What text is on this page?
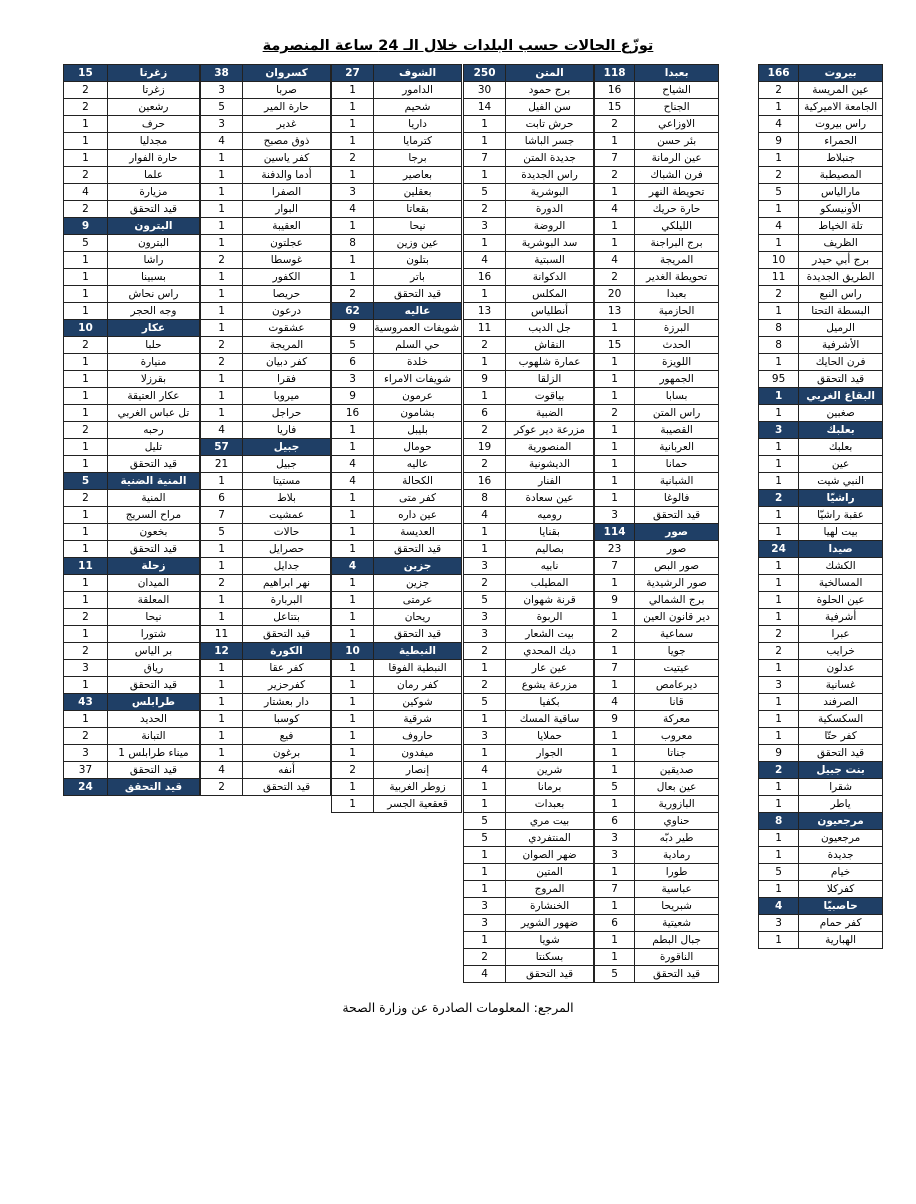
توزّع الحالات حسب البلدات خلال الـ 24 ساعة المنصرمة
المرجع: المعلومات الصادرة عن وزارة الصحة
بيروت	166
عين المريسة	2
الجامعة الاميركية	1
راس بيروت	4
الحمراء	9
جنبلاط	1
المصيطبة	2
مارالياس	5
الأونيسكو	1
تلة الخياط	4
الظريف	1
برج أبي حيدر	10
الطريق الجديدة	11
راس النبع	2
البسطة التحتا	1
الرميل	8
الأشرفية	8
فرن الحايك	1
قيد التحقق	95
البقاع الغربي	1
صغبين	1
بعلبك	3
بعلبك	1
عين	1
النبي شيت	1
راشيّا	2
عقبة راشيّا	1
بيت لهيا	1
صيدا	24
الكشك	1
المسالخية	1
عين الحلوة	1
أشرفية	1
عبرا	2
خرايب	2
عدلون	1
غسانية	3
الصرفند	1
السكسكية	1
كفر حتّا	1
قيد التحقق	9
بنت جبيل	2
شقرا	1
ياطر	1
مرجعيون	8
مرجعيون	1
جديدة	1
خيام	5
كفركلا	1
حاصبيّا	4
كفر حمام	3
الهبارية	1
بعبدا	118
الشياح	16
الجناح	15
الاوزاعي	2
بئر حسن	1
عين الرمانة	7
فرن الشباك	2
تحويطة النهر	1
حارة حريك	4
الليلكي	1
برج البراجنة	1
المريجة	4
تحويطة الغدير	2
بعبدا	20
الحازمية	13
البرزة	1
الحدث	15
اللويزة	1
الجمهور	1
بسابا	1
راس المتن	2
القصيبة	1
العربانية	1
حمانا	1
الشبانية	1
فالوغا	1
قيد التحقق	3
صور	114
صور	23
صور البص	7
صور الرشيدية	1
برج الشمالي	9
دير قانون العين	1
سماعية	2
جويا	1
عيتيت	7
ديرعامص	1
قانا	4
معركة	9
معروب	1
جناتا	1
صديقين	1
عين بعال	5
البازورية	1
حناوي	6
طير دبّه	3
رمادية	3
طورا	1
عباسية	7
شبريحا	1
شعيتية	6
جبال البطم	1
الناقورة	1
قيد التحقق	5
المتن	250
برج حمود	30
سن الفيل	14
حرش تابت	1
جسر الباشا	1
جديدة المتن	7
راس الجديدة	1
البوشرية	5
الدورة	2
الروضة	3
سد البوشرية	1
السبتية	4
الدكوانة	16
المكلس	1
أنطلياس	13
جل الديب	11
النقاش	2
عمارة شلهوب	1
الزلقا	9
بياقوت	1
الضبية	6
مزرعة دير عوكر	2
المنصورية	19
الديشونية	2
الفنار	16
عين سعادة	8
روميه	4
بقنايا	1
بصاليم	1
نابيه	3
المطيلب	2
قرنة شهوان	5
الربوة	3
بيت الشعار	3
ديك المحدي	2
عين عار	1
مزرعة يشوع	2
بكفيا	5
ساقية المسك	1
حملايا	3
الجوار	1
شرين	4
برمانا	1
بعبدات	1
بيت مري	5
المنتفردي	5
ضهر الصوان	1
المتين	1
المروج	1
الخنشارة	3
ضهور الشوير	3
شويا	1
بسكنتا	2
قيد التحقق	4
الشوف	27
الدامور	1
شحيم	1
داريا	1
كترمايا	1
برجا	2
بعاصير	1
بعقلين	3
بقعاتا	4
نيحا	1
عين وزين	8
بتلون	1
باتر	1
قيد التحقق	2
عاليه	62
شويفات العمروسية	9
حي السلم	5
خلدة	6
شويفات الامراء	3
عرمون	9
بشامون	16
بليبل	1
حومال	1
عاليه	4
الكحالة	4
كفر متى	1
عين داره	1
العديسة	1
قيد التحقق	1
جزين	4
جزين	1
عرمتى	1
ريحان	1
قيد التحقق	1
النبطية	10
النبطية الفوقا	1
كفر رمان	1
شوكين	1
شرقية	1
حاروف	1
ميفدون	1
إنصار	2
زوطر الغربية	1
قعقعية الجسر	1
كسروان	38
صربا	3
حارة المير	5
غدير	3
ذوق مصبح	4
كفر ياسين	1
أدما والدفنة	1
الصفرا	1
البوار	1
العقيبة	1
عجلتون	1
غوسطا	2
الكفور	1
حريصا	1
درعون	1
عشقوت	1
المريجة	2
كفر دبيان	2
فقرا	1
ميروبا	1
حراجل	1
فاريا	4
جبيل	57
جبيل	21
مستيتا	1
بلاط	6
عمشيت	7
حالات	5
حصرايل	1
جدايل	1
نهر ابراهيم	2
البربارة	1
بتتاعل	1
قيد التحقق	11
الكورة	12
كفر عقا	1
كفرحزير	1
دار بعشتار	1
كوسبا	1
فيع	1
برغون	1
أنفه	4
قيد التحقق	2
زغرتا	15
زغرتا	2
رشعين	2
حرف	1
مجدليا	1
حارة الفوار	1
علما	2
مزيارة	4
قيد التحقق	2
البترون	9
البترون	5
راشا	1
بسبينا	1
راس نحاش	1
وجه الحجر	1
عكار	10
حلبا	2
منيارة	1
بقرزلا	1
عكار العتيقة	1
تل عباس الغربي	1
رحبه	2
تليل	1
قيد التحقق	1
المنية الضنية	5
المنية	2
مراح السريج	1
بخعون	1
قيد التحقق	1
زحلة	11
الميدان	1
المعلقة	1
نيحا	2
شتورا	1
بر الياس	2
رياق	3
قيد التحقق	1
طرابلس	43
الحديد	1
التبانة	2
ميناء طرابلس 1	3
قيد التحقق	37
قيد التحقق	24
